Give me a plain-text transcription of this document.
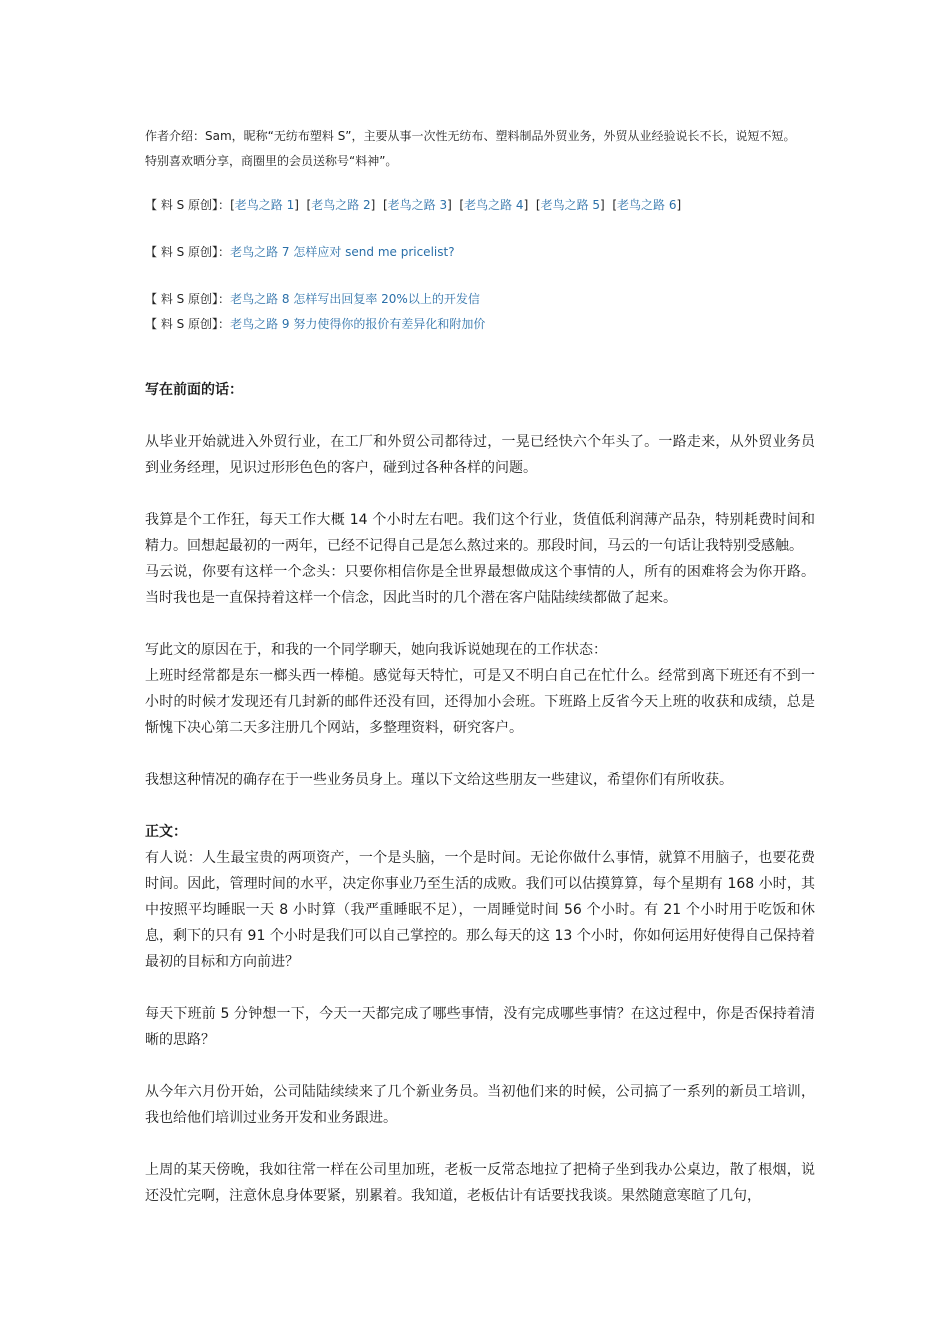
作者介绍：Sam，昵称“无纺布塑料 S”，主要从事一次性无纺布、塑料制品外贸业务，外贸从业经验说长不长，说短不短。
特别喜欢晒分享，商圈里的会员送称号“料神”。

【 料 S 原创】：[老鸟之路 1]  [老鸟之路 2]  [老鸟之路 3]  [老鸟之路 4]  [老鸟之路 5]  [老鸟之路 6]
【 料 S 原创】：老鸟之路 7 怎样应对 send me pricelist?
【 料 S 原创】：老鸟之路 8 怎样写出回复率 20%以上的开发信
【 料 S 原创】：老鸟之路 9 努力使得你的报价有差异化和附加价

写在前面的话：

从毕业开始就进入外贸行业，在工厂和外贸公司都待过，一晃已经快六个年头了。一路走来，从外贸业务员到业务经理，见识过形形色色的客户，碰到过各种各样的问题。

我算是个工作狂，每天工作大概 14 个小时左右吧。我们这个行业，货值低利润薄产品杂，特别耗费时间和精力。回想起最初的一两年，已经不记得自己是怎么熬过来的。那段时间，马云的一句话让我特别受感触。

马云说，你要有这样一个念头：只要你相信你是全世界最想做成这个事情的人，所有的困难将会为你开路。当时我也是一直保持着这样一个信念，因此当时的几个潜在客户陆陆续续都做了起来。

写此文的原因在于，和我的一个同学聊天，她向我诉说她现在的工作状态：

上班时经常都是东一榔头西一棒槌。感觉每天特忙，可是又不明白自己在忙什么。经常到离下班还有不到一小时的时候才发现还有几封新的邮件还没有回，还得加小会班。下班路上反省今天上班的收获和成绩，总是惭愧下决心第二天多注册几个网站，多整理资料，研究客户。

我想这种情况的确存在于一些业务员身上。瑾以下文给这些朋友一些建议，希望你们有所收获。

正文：

有人说：人生最宝贵的两项资产，一个是头脑，一个是时间。无论你做什么事情，就算不用脑子，也要花费时间。因此，管理时间的水平，决定你事业乃至生活的成败。我们可以估摸算算，每个星期有 168 小时，其中按照平均睡眠一天 8 小时算（我严重睡眠不足），一周睡觉时间 56 个小时。有 21 个小时用于吃饭和休息，剩下的只有 91 个小时是我们可以自己掌控的。那么每天的这 13 个小时，你如何运用好使得自己保持着最初的目标和方向前进？

每天下班前 5 分钟想一下，今天一天都完成了哪些事情，没有完成哪些事情？在这过程中，你是否保持着清晰的思路？

从今年六月份开始，公司陆陆续续来了几个新业务员。当初他们来的时候，公司搞了一系列的新员工培训，我也给他们培训过业务开发和业务跟进。

上周的某天傍晚，我如往常一样在公司里加班，老板一反常态地拉了把椅子坐到我办公桌边，散了根烟，说还没忙完啊，注意休息身体要紧，别累着。我知道，老板估计有话要找我谈。果然随意寒暄了几句，
